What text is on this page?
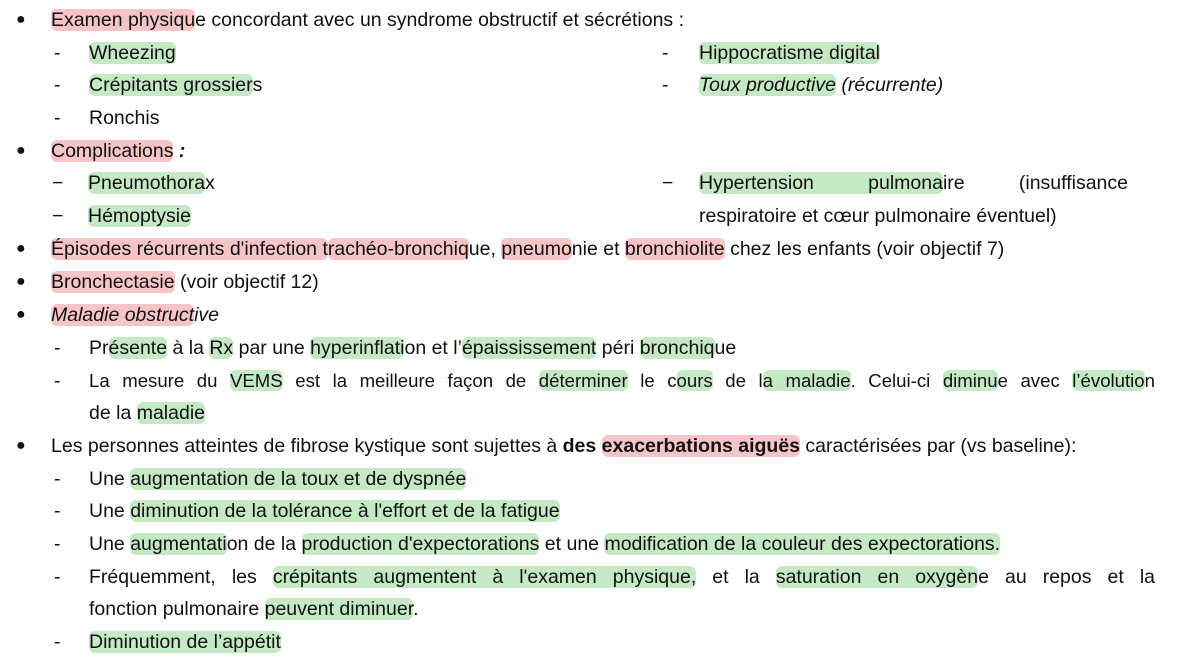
● Examen physique concordant avec un syndrome obstructif et sécrétions :
- Wheezing
- Crépitants grossiers
- Ronchis
- Hippocratisme digital
- Toux productive (récurrente)
● Complications :
− Pneumothorax
− Hémoptysie
− Hypertension pulmonaire (insuffisance
respiratoire et cœur pulmonaire éventuel)
● Épisodes récurrents d'infection trachéo-bronchique, pneumonie et bronchiolite chez les enfants (voir objectif 7)
● Bronchectasie (voir objectif 12)
● Maladie obstructive
- Présente à la Rx par une hyperinflation et l’épaississement péri bronchique
- La mesure du VEMS est la meilleure façon de déterminer le cours de la maladie. Celui-ci diminue avec l’évolution
de la maladie
● Les personnes atteintes de fibrose kystique sont sujettes à des exacerbations aiguës caractérisées par (vs baseline):
- Une augmentation de la toux et de dyspnée
- Une diminution de la tolérance à l'effort et de la fatigue
- Une augmentation de la production d'expectorations et une modification de la couleur des expectorations.
- Fréquemment, les crépitants augmentent à l'examen physique, et la saturation en oxygène au repos et la
fonction pulmonaire peuvent diminuer.
- Diminution de l’appétit
